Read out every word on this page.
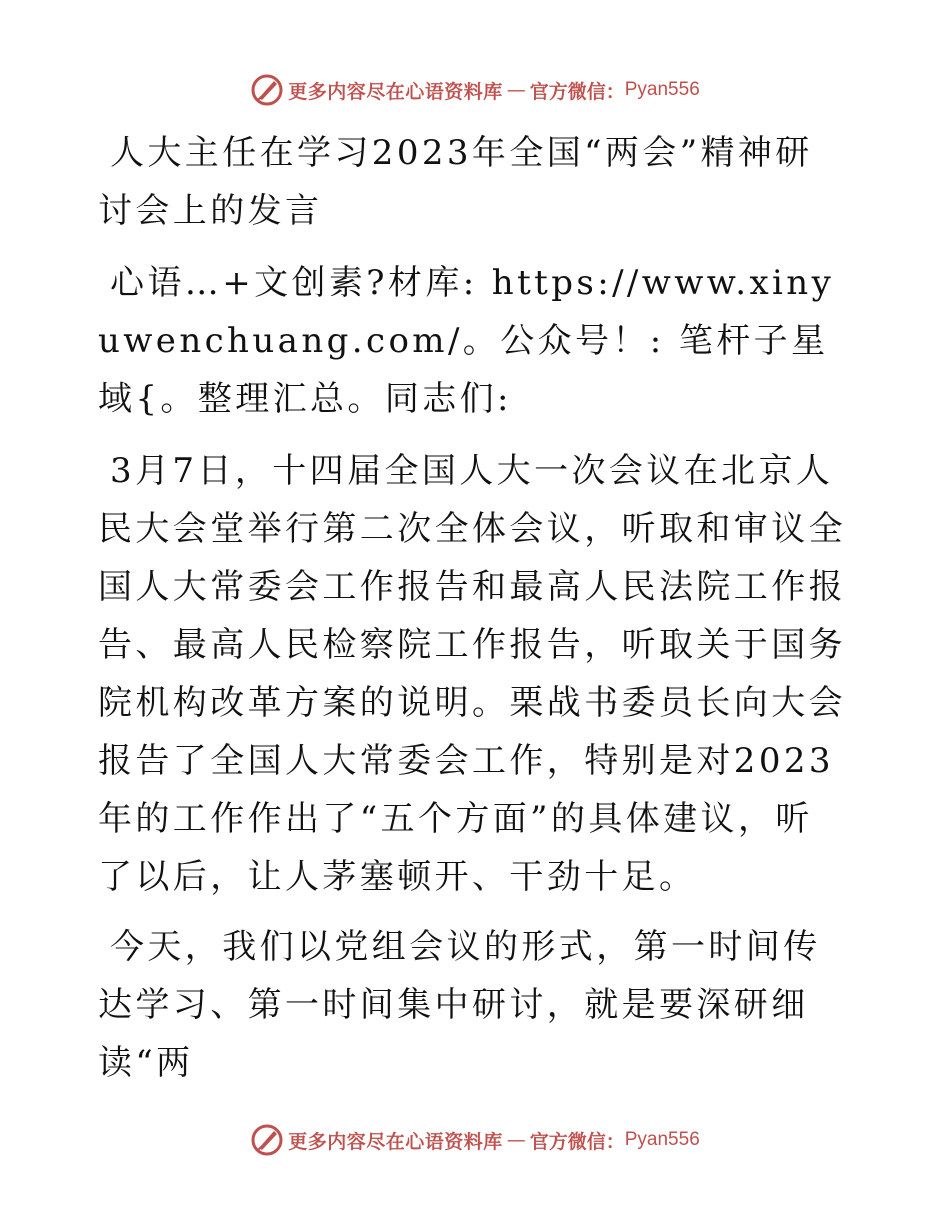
更多内容尽在心语资料库 — 官方微信： Pyan556

人大主任在学习2023年全国“两会”精神研讨会上的发言

心语…+文创素?材库: https://www.xinyuwenchuang.com/。公众号！: 笔杆子星域{。整理汇总。同志们:

3月7日，十四届全国人大一次会议在北京人民大会堂举行第二次全体会议，听取和审议全国人大常委会工作报告和最高人民法院工作报告、最高人民检察院工作报告，听取关于国务院机构改革方案的说明。栗战书委员长向大会报告了全国人大常委会工作，特别是对2023年的工作作出了“五个方面”的具体建议，听了以后，让人茅塞顿开、干劲十足。

今天，我们以党组会议的形式，第一时间传达学习、第一时间集中研讨，就是要深研细读“两

更多内容尽在心语资料库 — 官方微信： Pyan556
